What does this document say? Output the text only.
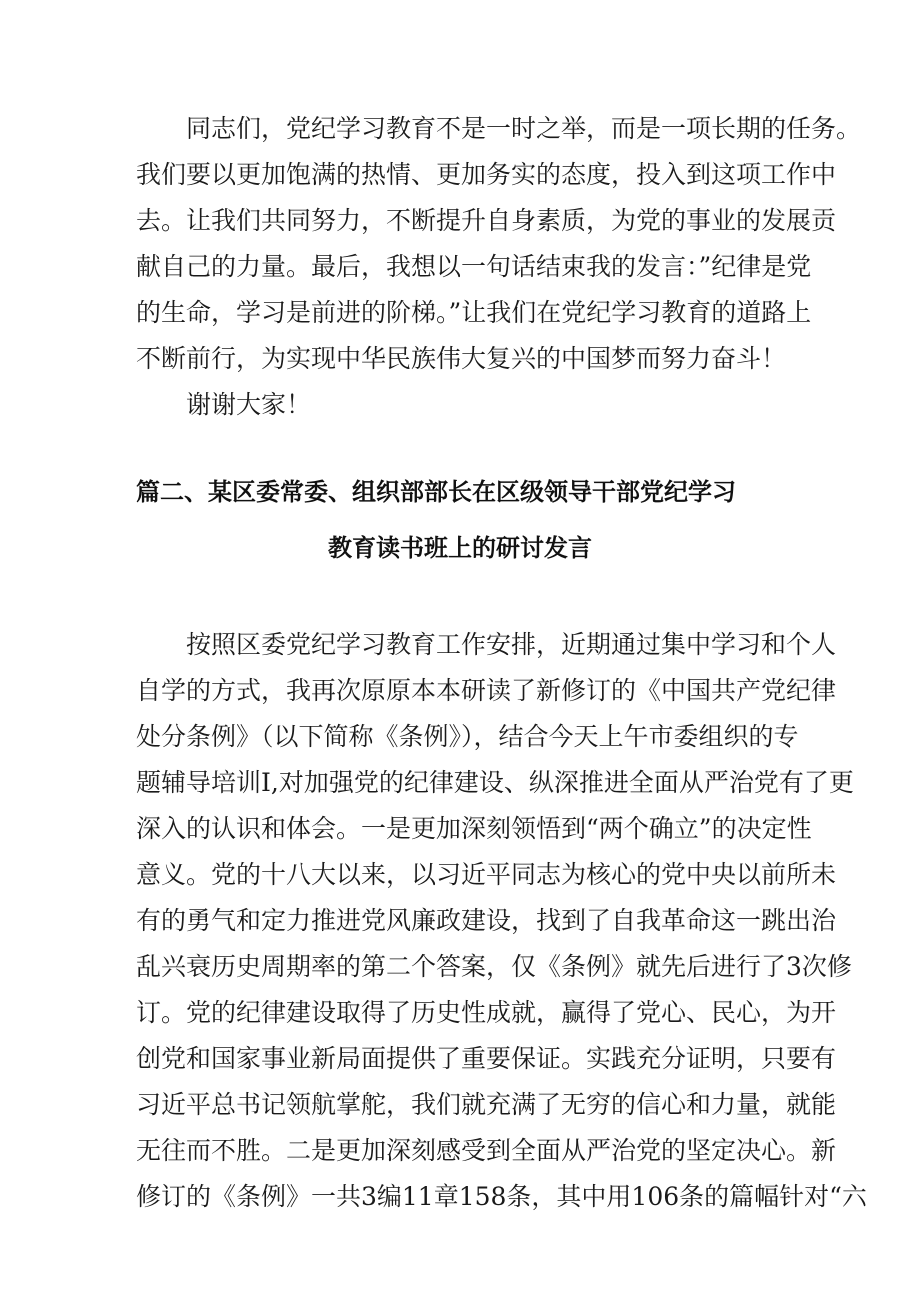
同志们，党纪学习教育不是一时之举，而是一项长期的任务。
我们要以更加饱满的热情、更加务实的态度，投入到这项工作中
去。让我们共同努力，不断提升自身素质，为党的事业的发展贡
献自己的力量。最后，我想以一句话结束我的发言：”纪律是党
的生命，学习是前进的阶梯。”让我们在党纪学习教育的道路上
不断前行，为实现中华民族伟大复兴的中国梦而努力奋斗！
谢谢大家！
篇二、某区委常委、组织部部长在区级领导干部党纪学习
教育读书班上的研讨发言
按照区委党纪学习教育工作安排，近期通过集中学习和个人
自学的方式，我再次原原本本研读了新修订的《中国共产党纪律
处分条例》（以下简称《条例》），结合今天上午市委组织的专
题辅导培训I,对加强党的纪律建设、纵深推进全面从严治党有了更
深入的认识和体会。一是更加深刻领悟到“两个确立”的决定性
意义。党的十八大以来，以习近平同志为核心的党中央以前所未
有的勇气和定力推进党风廉政建设，找到了自我革命这一跳出治
乱兴衰历史周期率的第二个答案，仅《条例》就先后进行了3次修
订。党的纪律建设取得了历史性成就，赢得了党心、民心，为开
创党和国家事业新局面提供了重要保证。实践充分证明，只要有
习近平总书记领航掌舵，我们就充满了无穷的信心和力量，就能
无往而不胜。二是更加深刻感受到全面从严治党的坚定决心。新
修订的《条例》一共3编11章158条，其中用106条的篇幅针对“六
